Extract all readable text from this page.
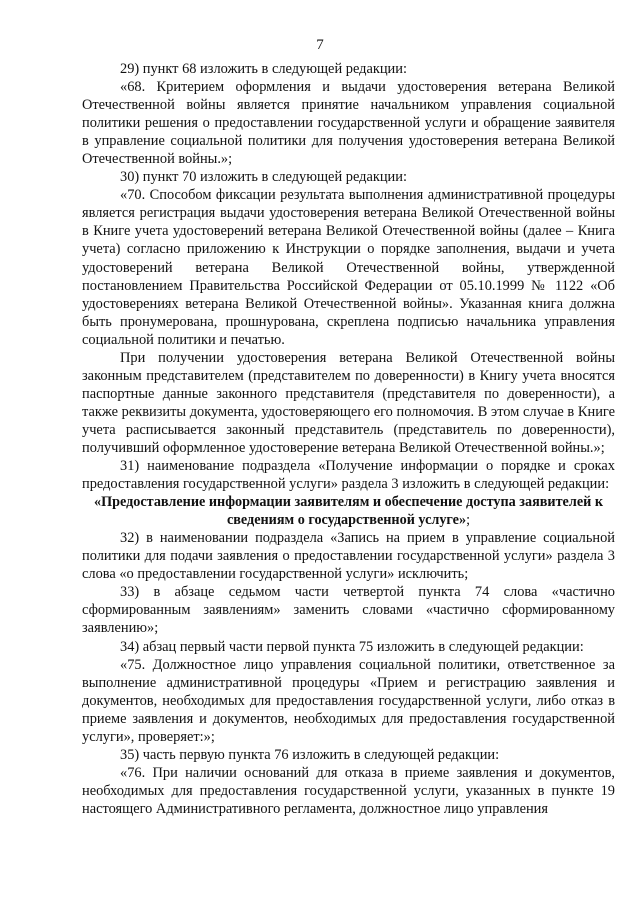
7

29) пункт 68 изложить в следующей редакции:

«68. Критерием оформления и выдачи удостоверения ветерана Великой Отечественной войны является принятие начальником управления социальной политики решения о предоставлении государственной услуги и обращение заявителя в управление социальной политики для получения удостоверения ветерана Великой Отечественной войны.»;

30) пункт 70 изложить в следующей редакции:

«70. Способом фиксации результата выполнения административной процедуры является регистрация выдачи удостоверения ветерана Великой Отечественной войны в Книге учета удостоверений ветерана Великой Отечественной войны (далее – Книга учета) согласно приложению к Инструкции о порядке заполнения, выдачи и учета удостоверений ветерана Великой Отечественной войны, утвержденной постановлением Правительства Российской Федерации от 05.10.1999 № 1122 «Об удостоверениях ветерана Великой Отечественной войны». Указанная книга должна быть пронумерована, прошнурована, скреплена подписью начальника управления социальной политики и печатью.

При получении удостоверения ветерана Великой Отечественной войны законным представителем (представителем по доверенности) в Книгу учета вносятся паспортные данные законного представителя (представителя по доверенности), а также реквизиты документа, удостоверяющего его полномочия. В этом случае в Книге учета расписывается законный представитель (представитель по доверенности), получивший оформленное удостоверение ветерана Великой Отечественной войны.»;

31) наименование подраздела «Получение информации о порядке и сроках предоставления государственной услуги» раздела 3 изложить в следующей редакции:

«Предоставление информации заявителям и обеспечение доступа заявителей к сведениям о государственной услуге»;

32) в наименовании подраздела «Запись на прием в управление социальной политики для подачи заявления о предоставлении государственной услуги» раздела 3 слова «о предоставлении государственной услуги» исключить;

33) в абзаце седьмом части четвертой пункта 74 слова «частично сформированным заявлениям» заменить словами «частично сформированному заявлению»;

34) абзац первый части первой пункта 75 изложить в следующей редакции:

«75. Должностное лицо управления социальной политики, ответственное за выполнение административной процедуры «Прием и регистрацию заявления и документов, необходимых для предоставления государственной услуги, либо отказ в приеме заявления и документов, необходимых для предоставления государственной услуги», проверяет:»;

35) часть первую пункта 76 изложить в следующей редакции:

«76. При наличии оснований для отказа в приеме заявления и документов, необходимых для предоставления государственной услуги, указанных в пункте 19 настоящего Административного регламента, должностное лицо управления
